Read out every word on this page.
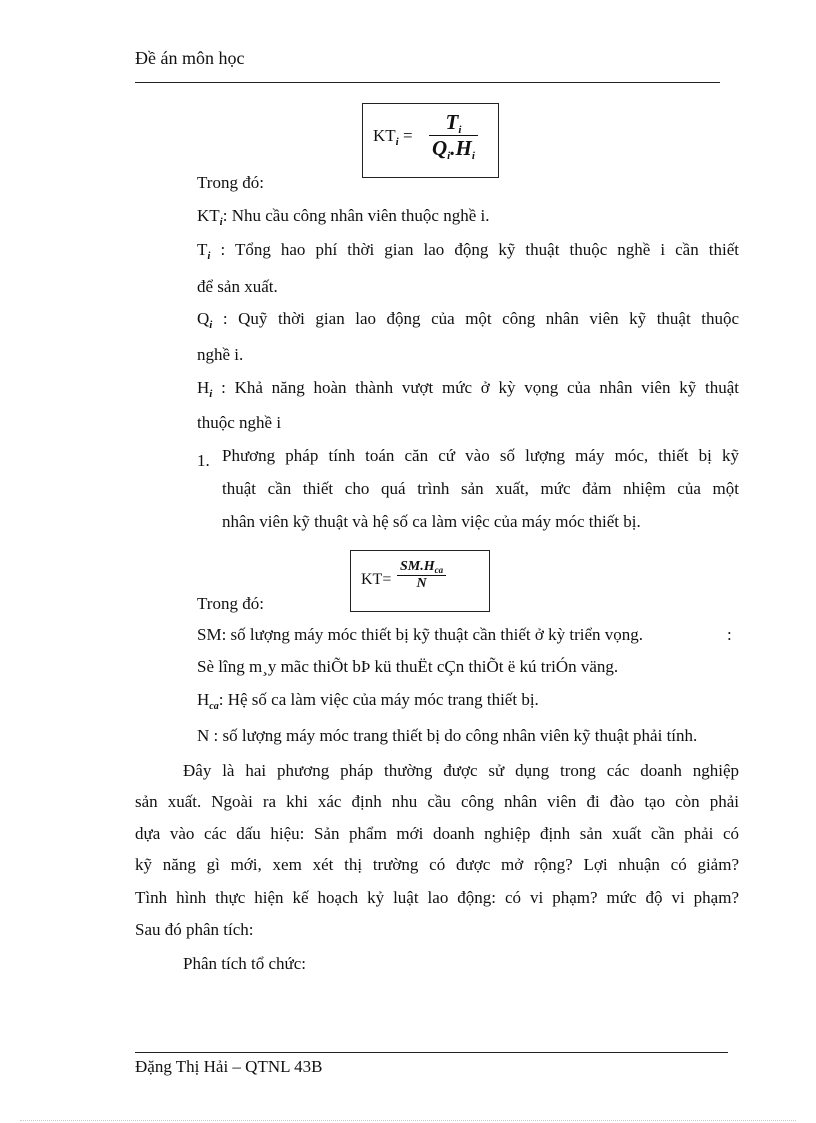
Đề án môn học
$KT_i = \frac{Ti}{Qi.Hi}$
Trong đó:
$KT_i$: Nhu cầu công nhân viên thuộc nghề i.
$T_i$ : Tổng hao phí thời gian lao động kỹ thuật thuộc nghề i cần thiết
để sản xuất.
$Q_i$ : Quỹ thời gian lao động của một công nhân viên kỹ thuật thuộc
nghề i.
$H_i$ : Khả năng hoàn thành vượt mức ở kỳ vọng của nhân viên kỹ thuật
thuộc nghề i
1. Phương pháp tính toán căn cứ vào số lượng máy móc, thiết bị kỹ
thuật cần thiết cho quá trình sản xuất, mức đảm nhiệm của một
nhân viên kỹ thuật và hệ số ca làm việc của máy móc thiết bị.
KT=
$SM.H_{ca}$
N
Trong đó:
SM: số lượng máy móc thiết bị kỹ thuật cần thiết ở kỳ triển vọng.	:
Sè lîng m¸y mãc thiÕt bÞ kü thuËt cÇn thiÕt ë kú triÓn väng.
$H_{ca}$: Hệ số ca làm việc của máy móc trang thiết bị.
N : số lượng máy móc trang thiết bị do công nhân viên kỹ thuật phải tính.
Đây là hai phương pháp thường được sử dụng trong các doanh nghiệp
sản xuất. Ngoài ra khi xác định nhu cầu công nhân viên đi đào tạo còn phải
dựa vào các dấu hiệu: Sản phẩm mới doanh nghiệp định sản xuất cần phải có
kỹ năng gì mới, xem xét thị trường có được mở rộng? Lợi nhuận có giảm?
Tình hình thực hiện kế hoạch kỷ luật lao động: có vi phạm? mức độ vi phạm?
Sau đó phân tích:
Phân tích tổ chức:
Đặng Thị Hải – QTNL 43B
